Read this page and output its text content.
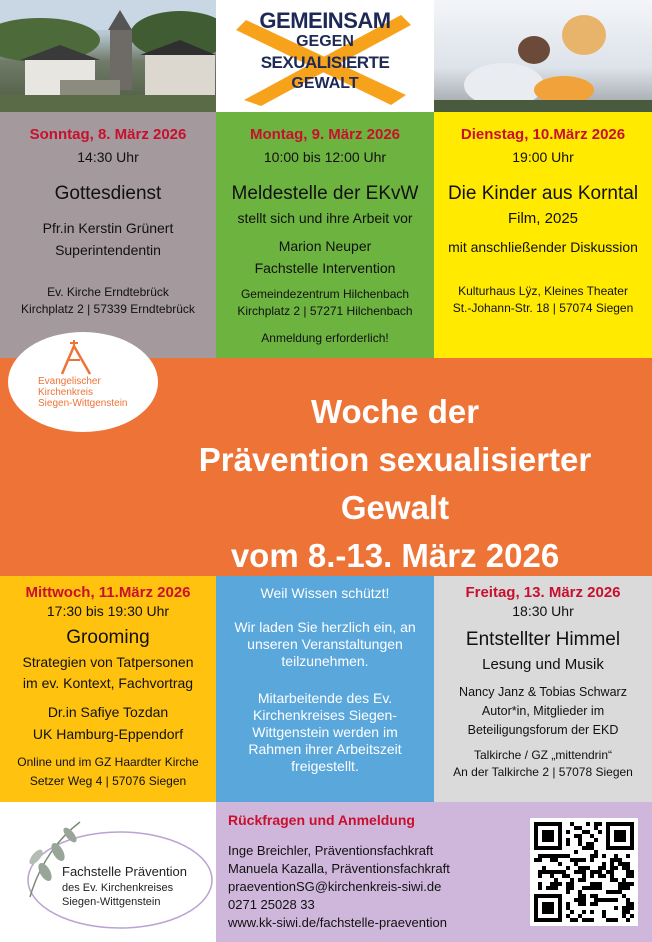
GEMEINSAM
GEGEN
SEXUALISIERTE
GEWALT
Sonntag, 8. März 2026
14:30 Uhr
Gottesdienst
Pfr.in Kerstin Grünert
Superintendentin
Ev. Kirche Erndtebrück
Kirchplatz 2 | 57339 Erndtebrück
Montag, 9. März 2026
10:00 bis 12:00 Uhr
Meldestelle der EKvW
stellt sich und ihre Arbeit vor
Marion Neuper
Fachstelle Intervention
Gemeindezentrum Hilchenbach
Kirchplatz 2 | 57271 Hilchenbach
Anmeldung erforderlich!
Dienstag, 10.März 2026
19:00 Uhr
Die Kinder aus Korntal
Film, 2025
mit anschließender Diskussion
Kulturhaus Lÿz, Kleines Theater
St.-Johann-Str. 18 | 57074 Siegen
Woche der
Prävention sexualisierter Gewalt
vom 8.-13. März 2026
Evangelischer
Kirchenkreis
Siegen-Wittgenstein
Mittwoch, 11.März 2026
17:30 bis 19:30 Uhr
Grooming
Strategien von Tatpersonen
im ev. Kontext, Fachvortrag
Dr.in Safiye Tozdan
UK Hamburg-Eppendorf
Online und im GZ Haardter Kirche
Setzer Weg 4 | 57076 Siegen
Weil Wissen schützt!
Wir laden Sie herzlich ein, an unseren Veranstaltungen teilzunehmen.
Mitarbeitende des Ev. Kirchenkreises Siegen-Wittgenstein werden im Rahmen ihrer Arbeitszeit freigestellt.
Freitag, 13. März 2026
18:30 Uhr
Entstellter Himmel
Lesung und Musik
Nancy Janz & Tobias Schwarz
Autor*in, Mitglieder im
Beteiligungsforum der EKD
Talkirche / GZ „mittendrin“
An der Talkirche 2 | 57078 Siegen
Fachstelle Prävention
des Ev. Kirchenkreises
Siegen-Wittgenstein
Rückfragen und Anmeldung
Inge Breichler, Präventionsfachkraft
Manuela Kazalla, Präventionsfachkraft
praeventionSG@kirchenkreis-siwi.de
0271 25028 33
www.kk-siwi.de/fachstelle-praevention
